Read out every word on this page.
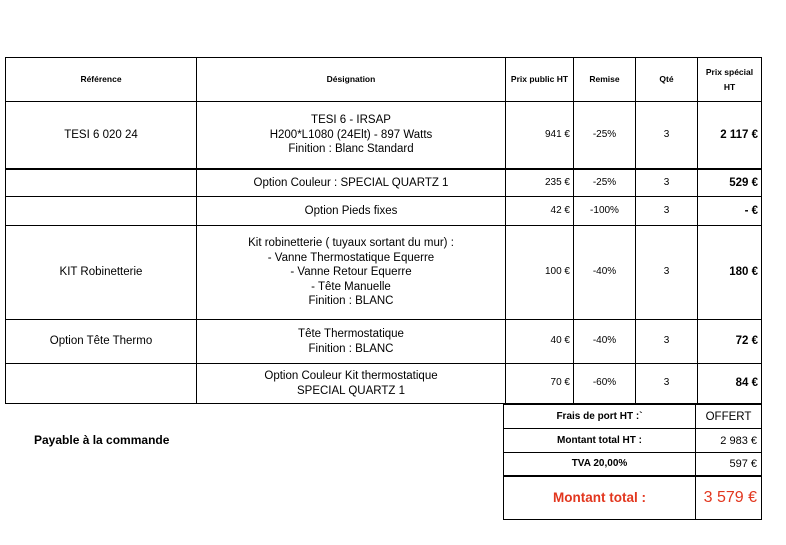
Référence	Désignation	Prix public HT	Remise	Qté	Prix spécial HT
TESI 6 020 24	TESI 6 - IRSAP
H200*L1080 (24Elt) - 897 Watts
Finition : Blanc Standard	941 €	-25%	3	2 117 €

	Option Couleur : SPECIAL QUARTZ 1	235 €	-25%	3	529 €

	Option Pieds fixes	42 €	-100%	3	- €
KIT Robinetterie	Kit robinetterie ( tuyaux sortant du mur) :
- Vanne Thermostatique Equerre
- Vanne Retour Equerre
- Tête Manuelle
Finition : BLANC	100 €	-40%	3	180 €
Option Tête Thermo	Tête Thermostatique
Finition : BLANC	40 €	-40%	3	72 €

	Option Couleur Kit thermostatique
SPECIAL QUARTZ 1	70 €	-60%	3	84 €
Payable à la commande
Frais de port HT :`	OFFERT
Montant total HT :	2 983 €
TVA 20,00%	597 €
Montant total :	3 579 €
